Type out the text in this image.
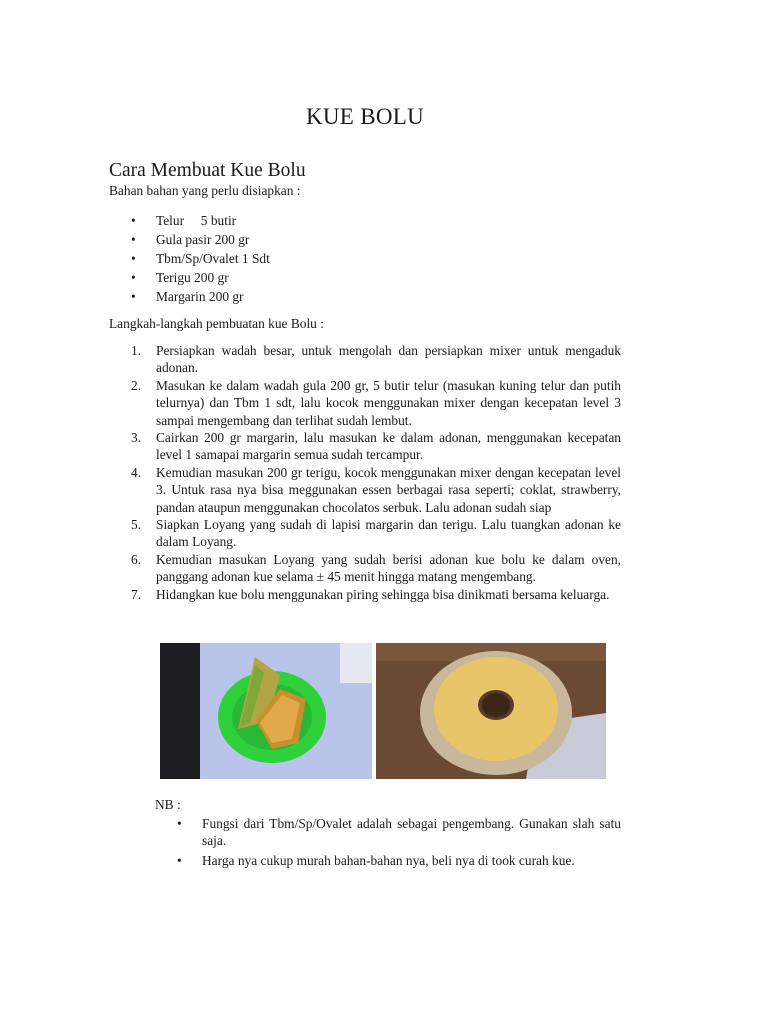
KUE BOLU
Cara Membuat Kue Bolu
Bahan bahan yang perlu disiapkan :
• Telur     5 butir
• Gula pasir 200 gr
• Tbm/Sp/Ovalet 1 Sdt
• Terigu 200 gr
• Margarin 200 gr
Langkah-langkah pembuatan kue Bolu :
1. Persiapkan wadah besar, untuk mengolah dan persiapkan mixer untuk mengaduk adonan.
2. Masukan ke dalam wadah gula 200 gr, 5 butir telur (masukan kuning telur dan putih telurnya) dan Tbm 1 sdt, lalu kocok menggunakan mixer dengan kecepatan level 3 sampai mengembang dan terlihat sudah lembut.
3. Cairkan 200 gr margarin, lalu masukan ke dalam adonan, menggunakan kecepatan level 1 samapai margarin semua sudah tercampur.
4. Kemudian masukan 200 gr terigu, kocok menggunakan mixer dengan kecepatan level 3. Untuk rasa nya bisa meggunakan essen berbagai rasa seperti; coklat, strawberry, pandan ataupun menggunakan chocolatos serbuk. Lalu adonan sudah siap
5. Siapkan Loyang yang sudah di lapisi margarin dan terigu. Lalu tuangkan adonan ke dalam Loyang.
6. Kemudian masukan Loyang yang sudah berisi adonan kue bolu ke dalam oven, panggang adonan kue selama ± 45 menit hingga matang mengembang.
7. Hidangkan kue bolu menggunakan piring sehingga bisa dinikmati bersama keluarga.
NB :
• Fungsi dari Tbm/Sp/Ovalet adalah sebagai pengembang. Gunakan slah satu saja.
• Harga nya cukup murah bahan-bahan nya, beli nya di took curah kue.
